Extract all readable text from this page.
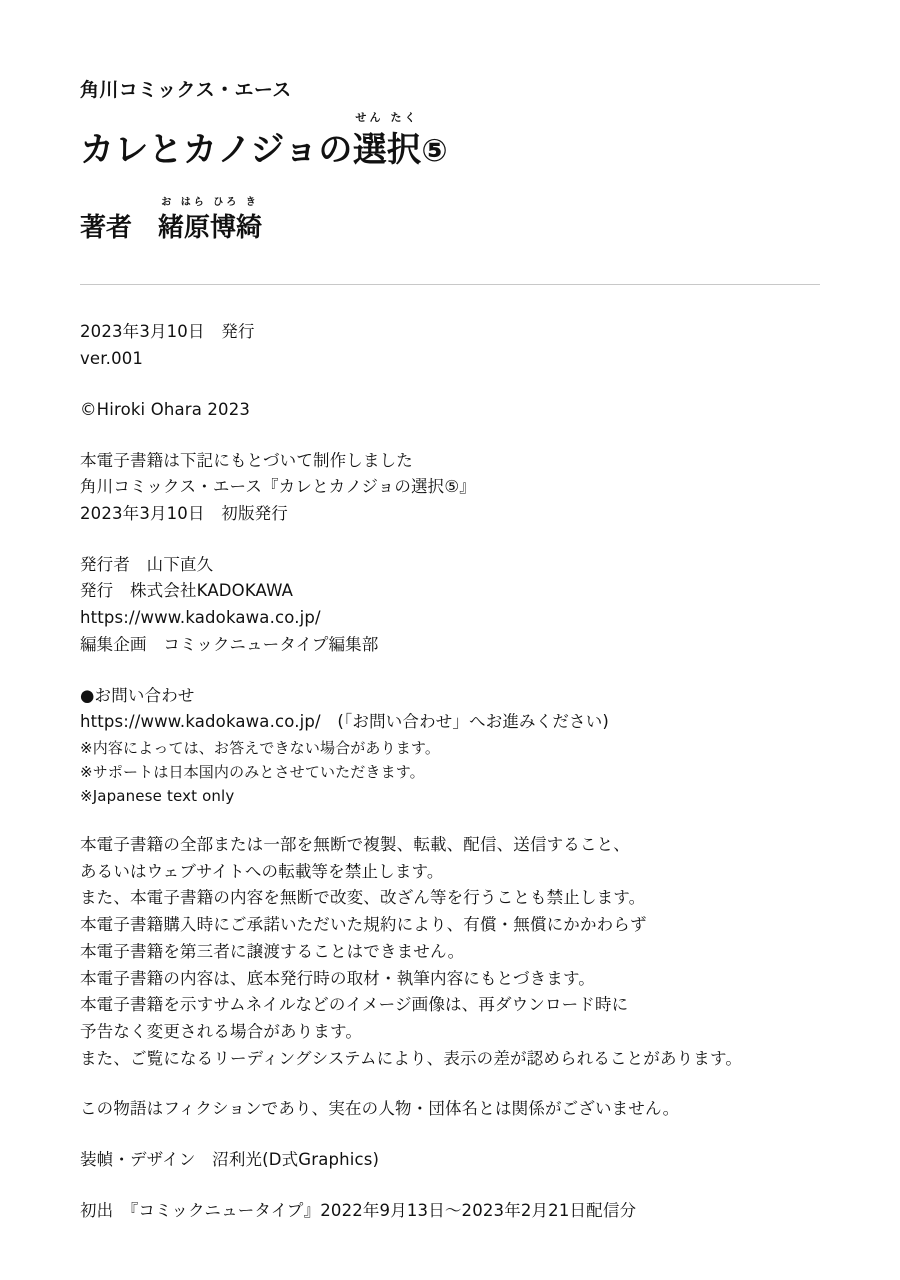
角川コミックス・エース
カレとカノジョの
せん たく
選択⑤
著者
お はら ひろ き
緒原博綺
2023年3月10日　発行
ver.001
©Hiroki Ohara 2023
本電子書籍は下記にもとづいて制作しました
角川コミックス・エース『カレとカノジョの選択⑤』
2023年3月10日　初版発行
発行者　山下直久
発行　株式会社KADOKAWA
https://www.kadokawa.co.jp/
編集企画　コミックニュータイプ編集部
●お問い合わせ
https://www.kadokawa.co.jp/　(「お問い合わせ」へお進みください)
※内容によっては、お答えできない場合があります。
※サポートは日本国内のみとさせていただきます。
※Japanese text only
本電子書籍の全部または一部を無断で複製、転載、配信、送信すること、
あるいはウェブサイトへの転載等を禁止します。
また、本電子書籍の内容を無断で改変、改ざん等を行うことも禁止します。
本電子書籍購入時にご承諾いただいた規約により、有償・無償にかかわらず
本電子書籍を第三者に譲渡することはできません。
本電子書籍の内容は、底本発行時の取材・執筆内容にもとづきます。
本電子書籍を示すサムネイルなどのイメージ画像は、再ダウンロード時に
予告なく変更される場合があります。
また、ご覧になるリーディングシステムにより、表示の差が認められることがあります。
この物語はフィクションであり、実在の人物・団体名とは関係がございません。
装幀・デザイン　沼利光(D式Graphics)
初出　『コミックニュータイプ』2022年9月13日〜2023年2月21日配信分
